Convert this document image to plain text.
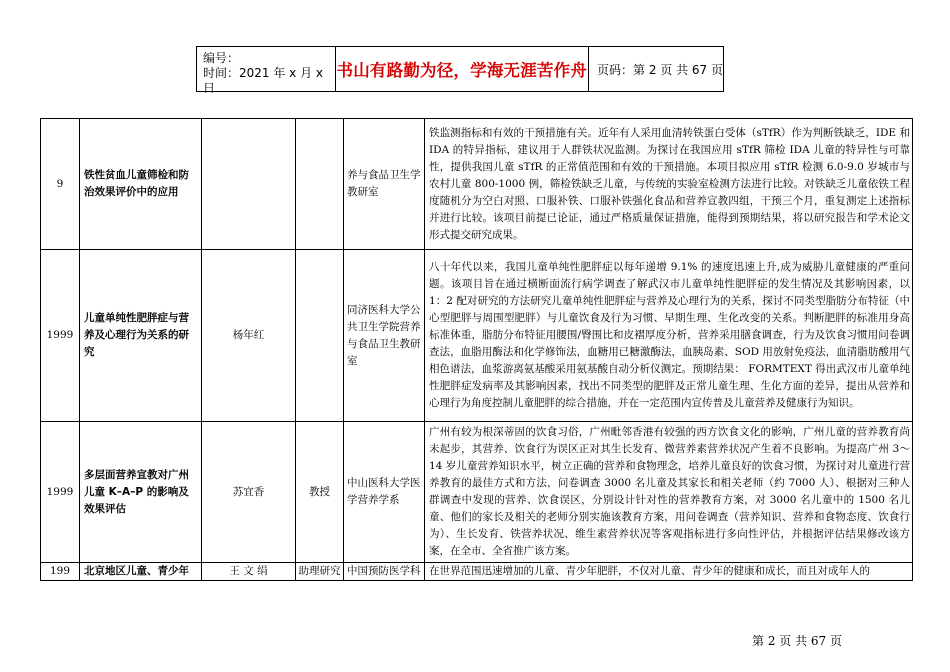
编号：
时间：2021 年 x 月 x 日
书山有路勤为径，学海无涯苦作舟 页码：第 2 页 共 67 页
9	铁性贫血儿童筛检和防治效果评价中的应用			养与食品卫生学教研室	铁监测指标和有效的干预措施有关。近年有人采用血清转铁蛋白受体（sTfR）作为判断铁缺乏，IDE 和 IDA 的特异指标，建议用于人群铁状况监测。为探讨在我国应用 sTfR 筛检 IDA 儿童的特异性与可靠性，提供我国儿童 sTfR 的正常值范围和有效的干预措施。本项目拟应用 sTfR 检测 6.0-9.0 岁城市与农村儿童 800-1000 例，筛检铁缺乏儿童，与传统的实验室检测方法进行比较。对铁缺乏儿童依铁工程度随机分为空白对照、口服补铁、口服补铁强化食品和营养宣教四组，干预三个月，重复测定上述指标并进行比较。该项目前提已论证，通过严格质量保证措施，能得到预期结果，将以研究报告和学术论文形式提交研究成果。
1999	儿童单纯性肥胖症与营养及心理行为关系的研究	杨年红		同济医科大学公共卫生学院营养与食品卫生教研室	八十年代以来，我国儿童单纯性肥胖症以每年递增 9.1% 的速度迅速上升,成为威胁儿童健康的严重问题。该项目旨在通过横断面流行病学调查了解武汉市儿童单纯性肥胖症的发生情况及其影响因素，以 1：2 配对研究的方法研究儿童单纯性肥胖症与营养及心理行为的关系，探讨不同类型脂肪分布特征（中心型肥胖与周围型肥胖）与儿童饮食及行为习惯、早期生理、生化改变的关系。判断肥胖的标准用身高标准体重，脂肪分布特征用腰围/臀围比和皮褶厚度分析，营养采用膳食调查，行为及饮食习惯用问卷调查法，血脂用酶法和化学修饰法，血糖用已糖激酶法，血胰岛素、SOD 用放射免疫法，血清脂肪酸用气相色谱法，血浆游离氨基酸采用氨基酸自动分析仪测定。预期结果： FORMTEXT 得出武汉市儿童单纯性肥胖症发病率及其影响因素，找出不同类型的肥胖及正常儿童生理、生化方面的差异，提出从营养和心理行为角度控制儿童肥胖的综合措施，并在一定范围内宣传普及儿童营养及健康行为知识。
1999	多层面营养宣教对广州儿童 K–A–P 的影响及效果评估	苏宜香	教授	中山医科大学医学营养学系	广州有较为根深蒂固的饮食习俗，广州毗邻香港有较强的西方饮食文化的影响，广州儿童的营养教育尚未起步，其营养、饮食行为误区正对其生长发育、微营养素营养状况产生着不良影响。为提高广州 3～14 岁儿童营养知识水平，树立正确的营养和食物理念，培养儿童良好的饮食习惯，为探讨对儿童进行营养教育的最佳方式和方法，问卷调查 3000 名儿童及其家长和相关老师（约 7000 人）、根据对三种人群调查中发现的营养、饮食误区，分别设计针对性的营养教育方案，对 3000 名儿童中的 1500 名儿童、他们的家长及相关的老师分别实施该教育方案，用问卷调查（营养知识、营养和食物态度、饮食行为）、生长发育、铁营养状况、维生素营养状况等客观指标进行多向性评估，并根据评估结果修改该方案，在全市、全省推广该方案。
199	北京地区儿童、青少年	王 文 绢	助理研究	中国预防医学科	在世界范围迅速增加的儿童、青少年肥胖，不仅对儿童、青少年的健康和成长，而且对成年人的
第 2 页 共 67 页
